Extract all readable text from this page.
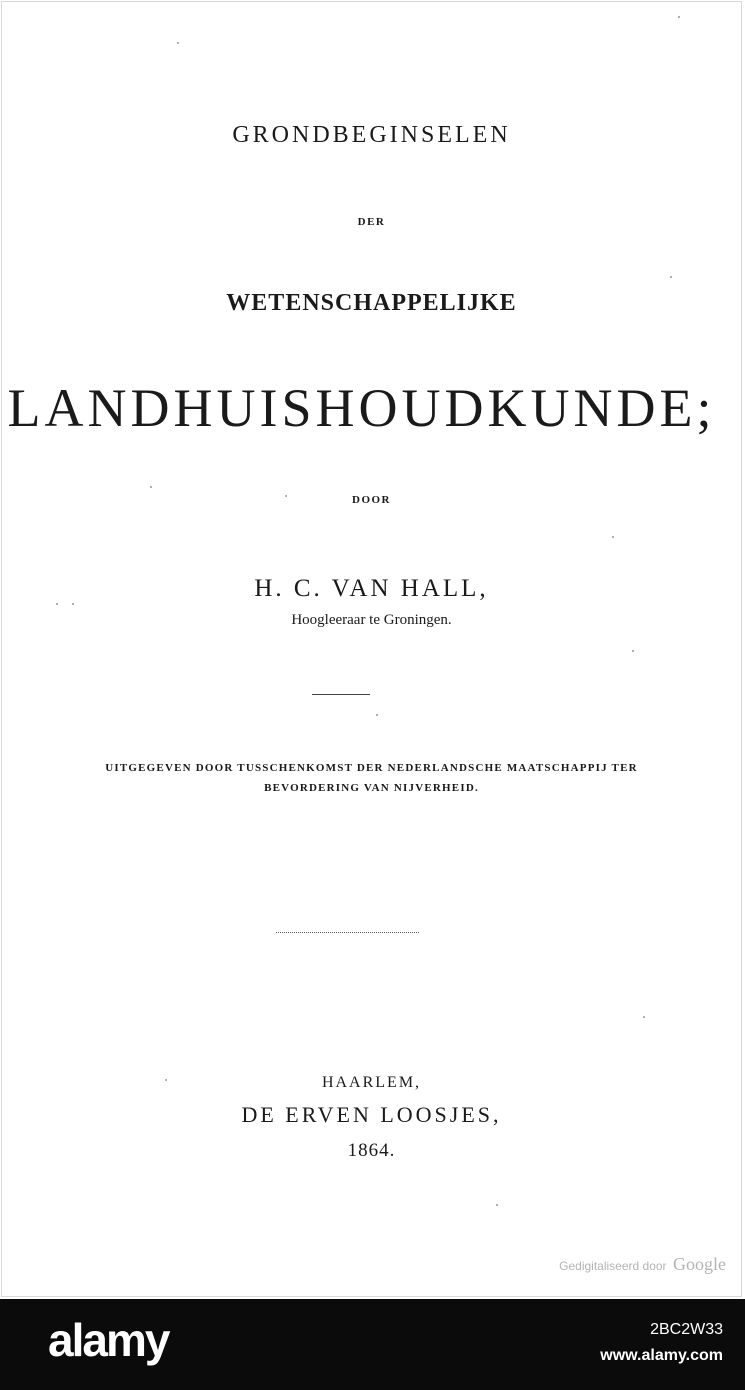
GRONDBEGINSELEN
DER
WETENSCHAPPELIJKE
LANDHUISHOUDKUNDE;
DOOR
H. C. VAN HALL,
Hoogleeraar te Groningen.
UITGEGEVEN DOOR TUSSCHENKOMST DER NEDERLANDSCHE MAATSCHAPPIJ TER
BEVORDERING VAN NIJVERHEID.
HAARLEM,
DE ERVEN LOOSJES,
1864.
Gedigitaliseerd door Google
alamy	2BC2W33
www.alamy.com
